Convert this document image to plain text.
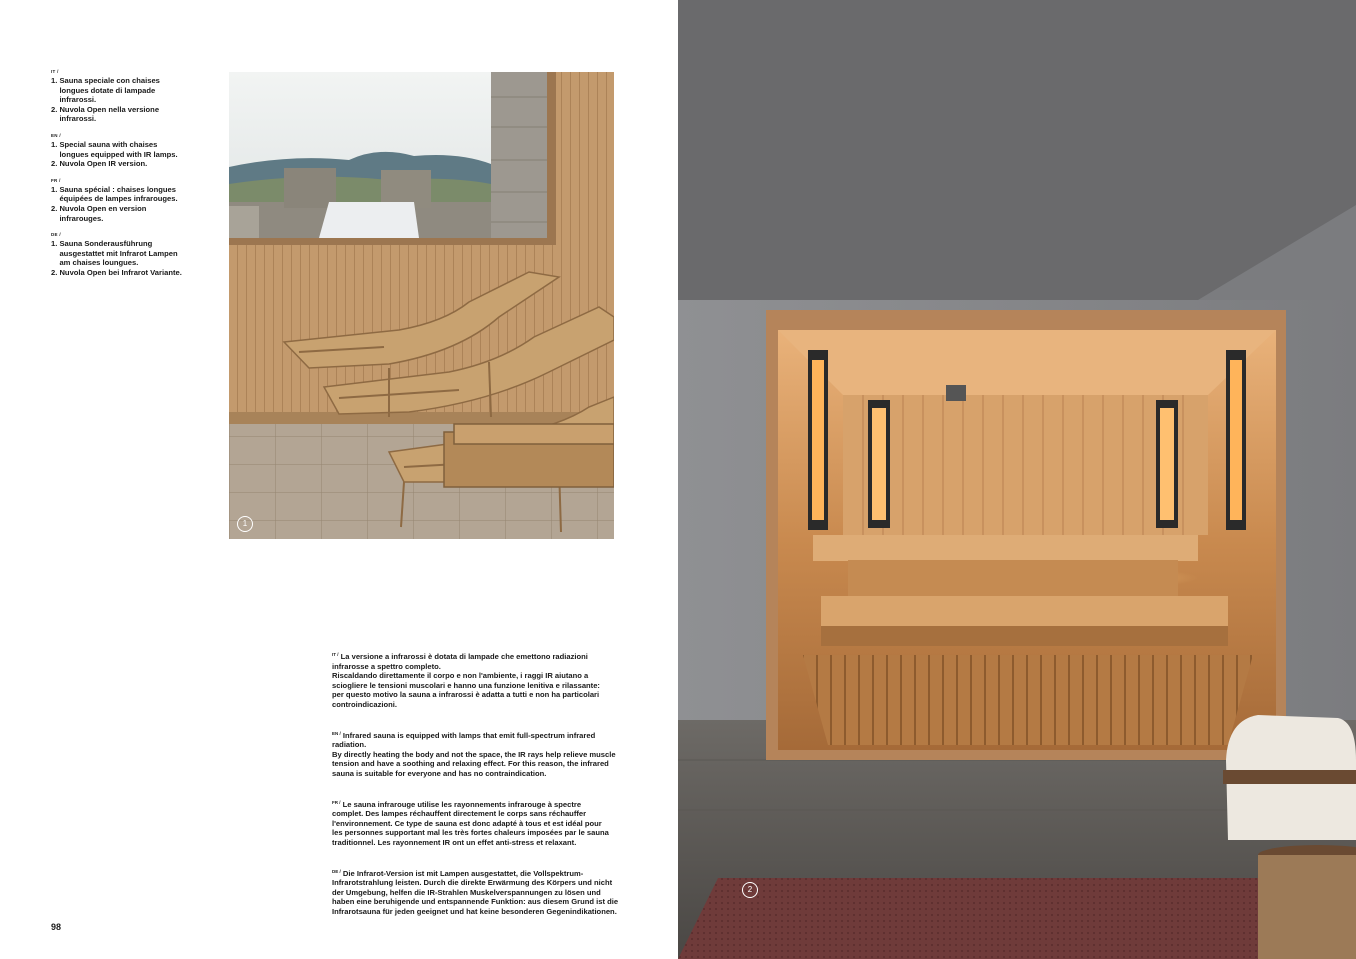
IT /
1. Sauna speciale con chaises
longues dotate di lampade
infrarossi.
2. Nuvola Open nella versione
infrarossi.
EN /
1. Special sauna with chaises
longues equipped with IR lamps.
2. Nuvola Open IR version.
FR /
1. Sauna spécial : chaises longues
équipées de lampes infrarouges.
2. Nuvola Open en version
infrarouges.
DE /
1. Sauna Sonderausführung
ausgestattet mit Infrarot Lampen
am chaises loungues.
2. Nuvola Open bei Infrarot Variante.
1
$^{IT /}$ La versione a infrarossi è dotata di lampade che emettono radiazioni
infrarosse a spettro completo.
Riscaldando direttamente il corpo e non l'ambiente, i raggi IR aiutano a
sciogliere le tensioni muscolari e hanno una funzione lenitiva e rilassante:
per questo motivo la sauna a infrarossi è adatta a tutti e non ha particolari
controindicazioni.
$^{EN /}$ Infrared sauna is equipped with lamps that emit full-spectrum infrared
radiation.
By directly heating the body and not the space, the IR rays help relieve muscle
tension and have a soothing and relaxing effect. For this reason, the infrared
sauna is suitable for everyone and has no contraindication.
$^{FR /}$ Le sauna infrarouge utilise les rayonnements infrarouge à spectre
complet. Des lampes réchauffent directement le corps sans réchauffer
l'environnement. Ce type de sauna est donc adapté à tous et est idéal pour
les personnes supportant mal les très fortes chaleurs imposées par le sauna
traditionnel. Les rayonnement IR ont un effet anti-stress et relaxant.
$^{DE /}$ Die Infrarot-Version ist mit Lampen ausgestattet, die Vollspektrum-
Infrarotstrahlung leisten. Durch die direkte Erwärmung des Körpers und nicht
der Umgebung, helfen die IR-Strahlen Muskelverspannungen zu lösen und
haben eine beruhigende und entspannende Funktion: aus diesem Grund ist die
Infrarotsauna für jeden geeignet und hat keine besonderen Gegenindikationen.
98
2
